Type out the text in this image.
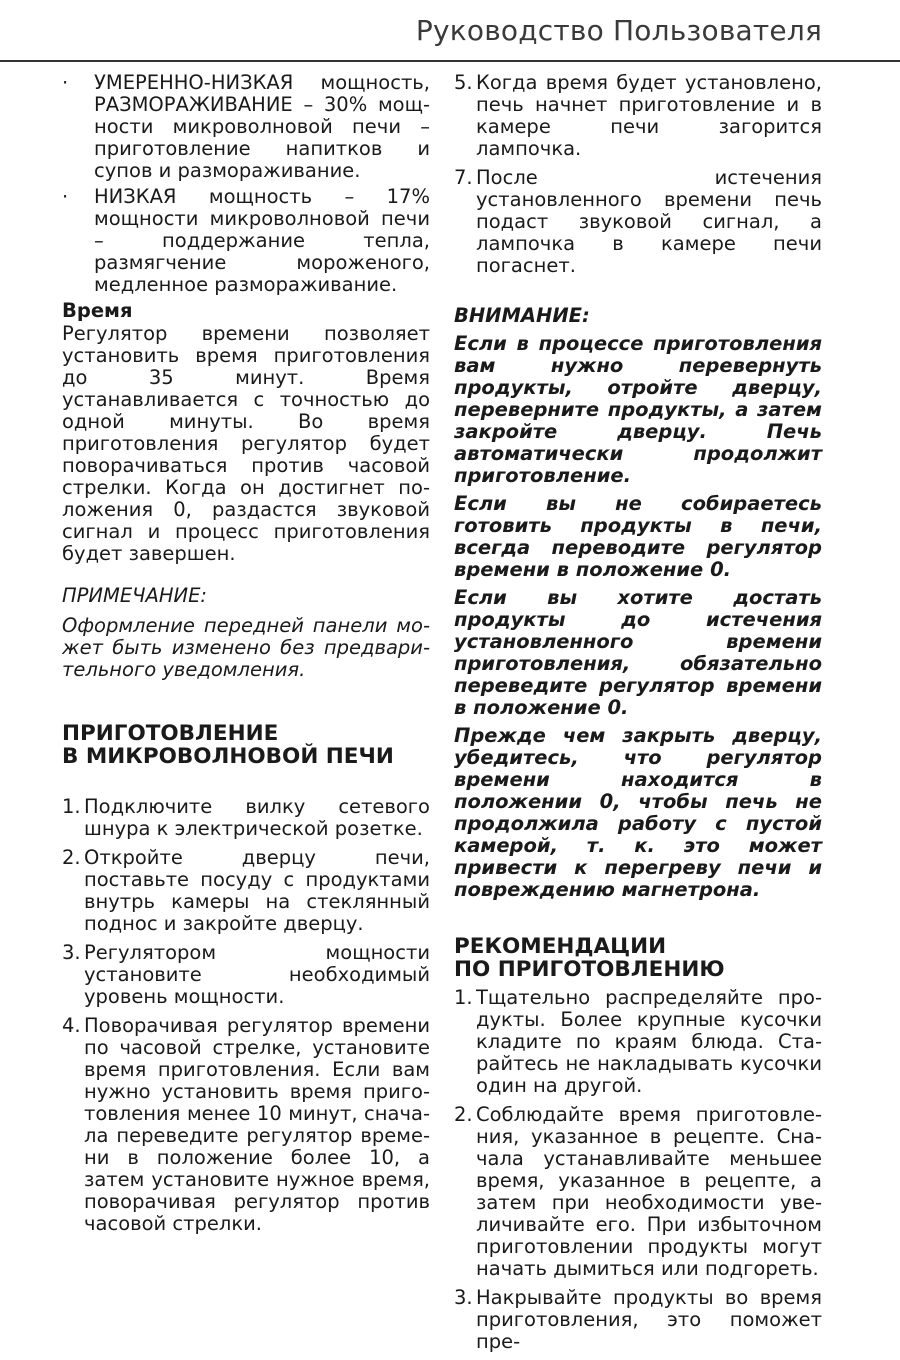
Руководство Пользователя
·	УМЕРЕННО-НИЗКАЯ мощность, РАЗМОРАЖИВАНИЕ – 30% мощности микроволновой печи – приготовление напитков и супов и размораживание.
·	НИЗКАЯ мощность – 17% мощности микроволновой печи – поддержание тепла, размягчение мороженого, медленное размораживание.

Время

Регулятор времени позволяет установить время приготовления до 35 минут. Время устанавливается с точностью до одной минуты. Во время приготовления регулятор будет поворачиваться против часовой стрелки. Когда он достигнет положения 0, раздастся звуковой сигнал и процесс приготовления будет завершен.

ПРИМЕЧАНИЕ:

Оформление передней панели может быть изменено без предварительного уведомления.

ПРИГОТОВЛЕНИЕ
В МИКРОВОЛНОВОЙ ПЕЧИ
1. Подключите вилку сетевого шнура к электрической розетке.
2. Откройте дверцу печи, поставьте посуду с продуктами внутрь камеры на стеклянный поднос и закройте дверцу.
3. Регулятором мощности установите необходимый уровень мощности.
4. Поворачивая регулятор времени по часовой стрелке, установите время приготовления. Если вам нужно установить время приготовления менее 10 минут, сначала переведите регулятор времени в положение более 10, а затем установите нужное время, поворачивая регулятор против часовой стрелки.
5. Когда время будет установлено, печь начнет приготовление и в камере печи загорится лампочка.
7. После истечения установленного времени печь подаст звуковой сигнал, а лампочка в камере печи погаснет.

ВНИМАНИЕ:

Если в процессе приготовления вам нужно перевернуть продукты, отройте дверцу, переверните продукты, а затем закройте дверцу. Печь автоматически продолжит приготовление.

Если вы не собираетесь готовить продукты в печи, всегда переводите регулятор времени в положение 0.

Если вы хотите достать продукты до истечения установленного времени приготовления, обязательно переведите регулятор времени в положение 0.

Прежде чем закрыть дверцу, убедитесь, что регулятор времени находится в положении 0, чтобы печь не продолжила работу с пустой камерой, т. к. это может привести к перегреву печи и повреждению магнетрона.

РЕКОМЕНДАЦИИ
ПО ПРИГОТОВЛЕНИЮ
1. Тщательно распределяйте продукты. Более крупные кусочки кладите по краям блюда. Старайтесь не накладывать кусочки один на другой.
2. Соблюдайте время приготовления, указанное в рецепте. Сначала устанавливайте меньшее время, указанное в рецепте, а затем при необходимости увеличивайте его. При избыточном приготовлении продукты могут начать дымиться или подгореть.
3. Накрывайте продукты во время приготовления, это поможет пре-
